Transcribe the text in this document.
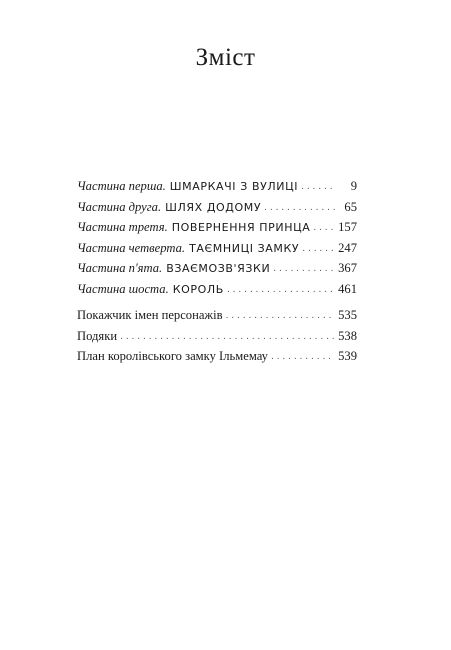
Зміст
Частина перша. ШМАРКАЧІ З ВУЛИЦІ . . .	9
Частина друга. ШЛЯХ ДОДОМУ . . .	65
Частина третя. ПОВЕРНЕННЯ ПРИНЦА . . . 157
Частина четверта. ТАЄМНИЦІ ЗАМКУ . . .	247
Частина п'ята. ВЗАЄМОЗВ'ЯЗКИ . . .	367
Частина шоста. КОРОЛЬ . . .	461
Покажчик імен персонажів . . .	535
Подяки . . .	538
План королівського замку Ільмемау . . .	539
